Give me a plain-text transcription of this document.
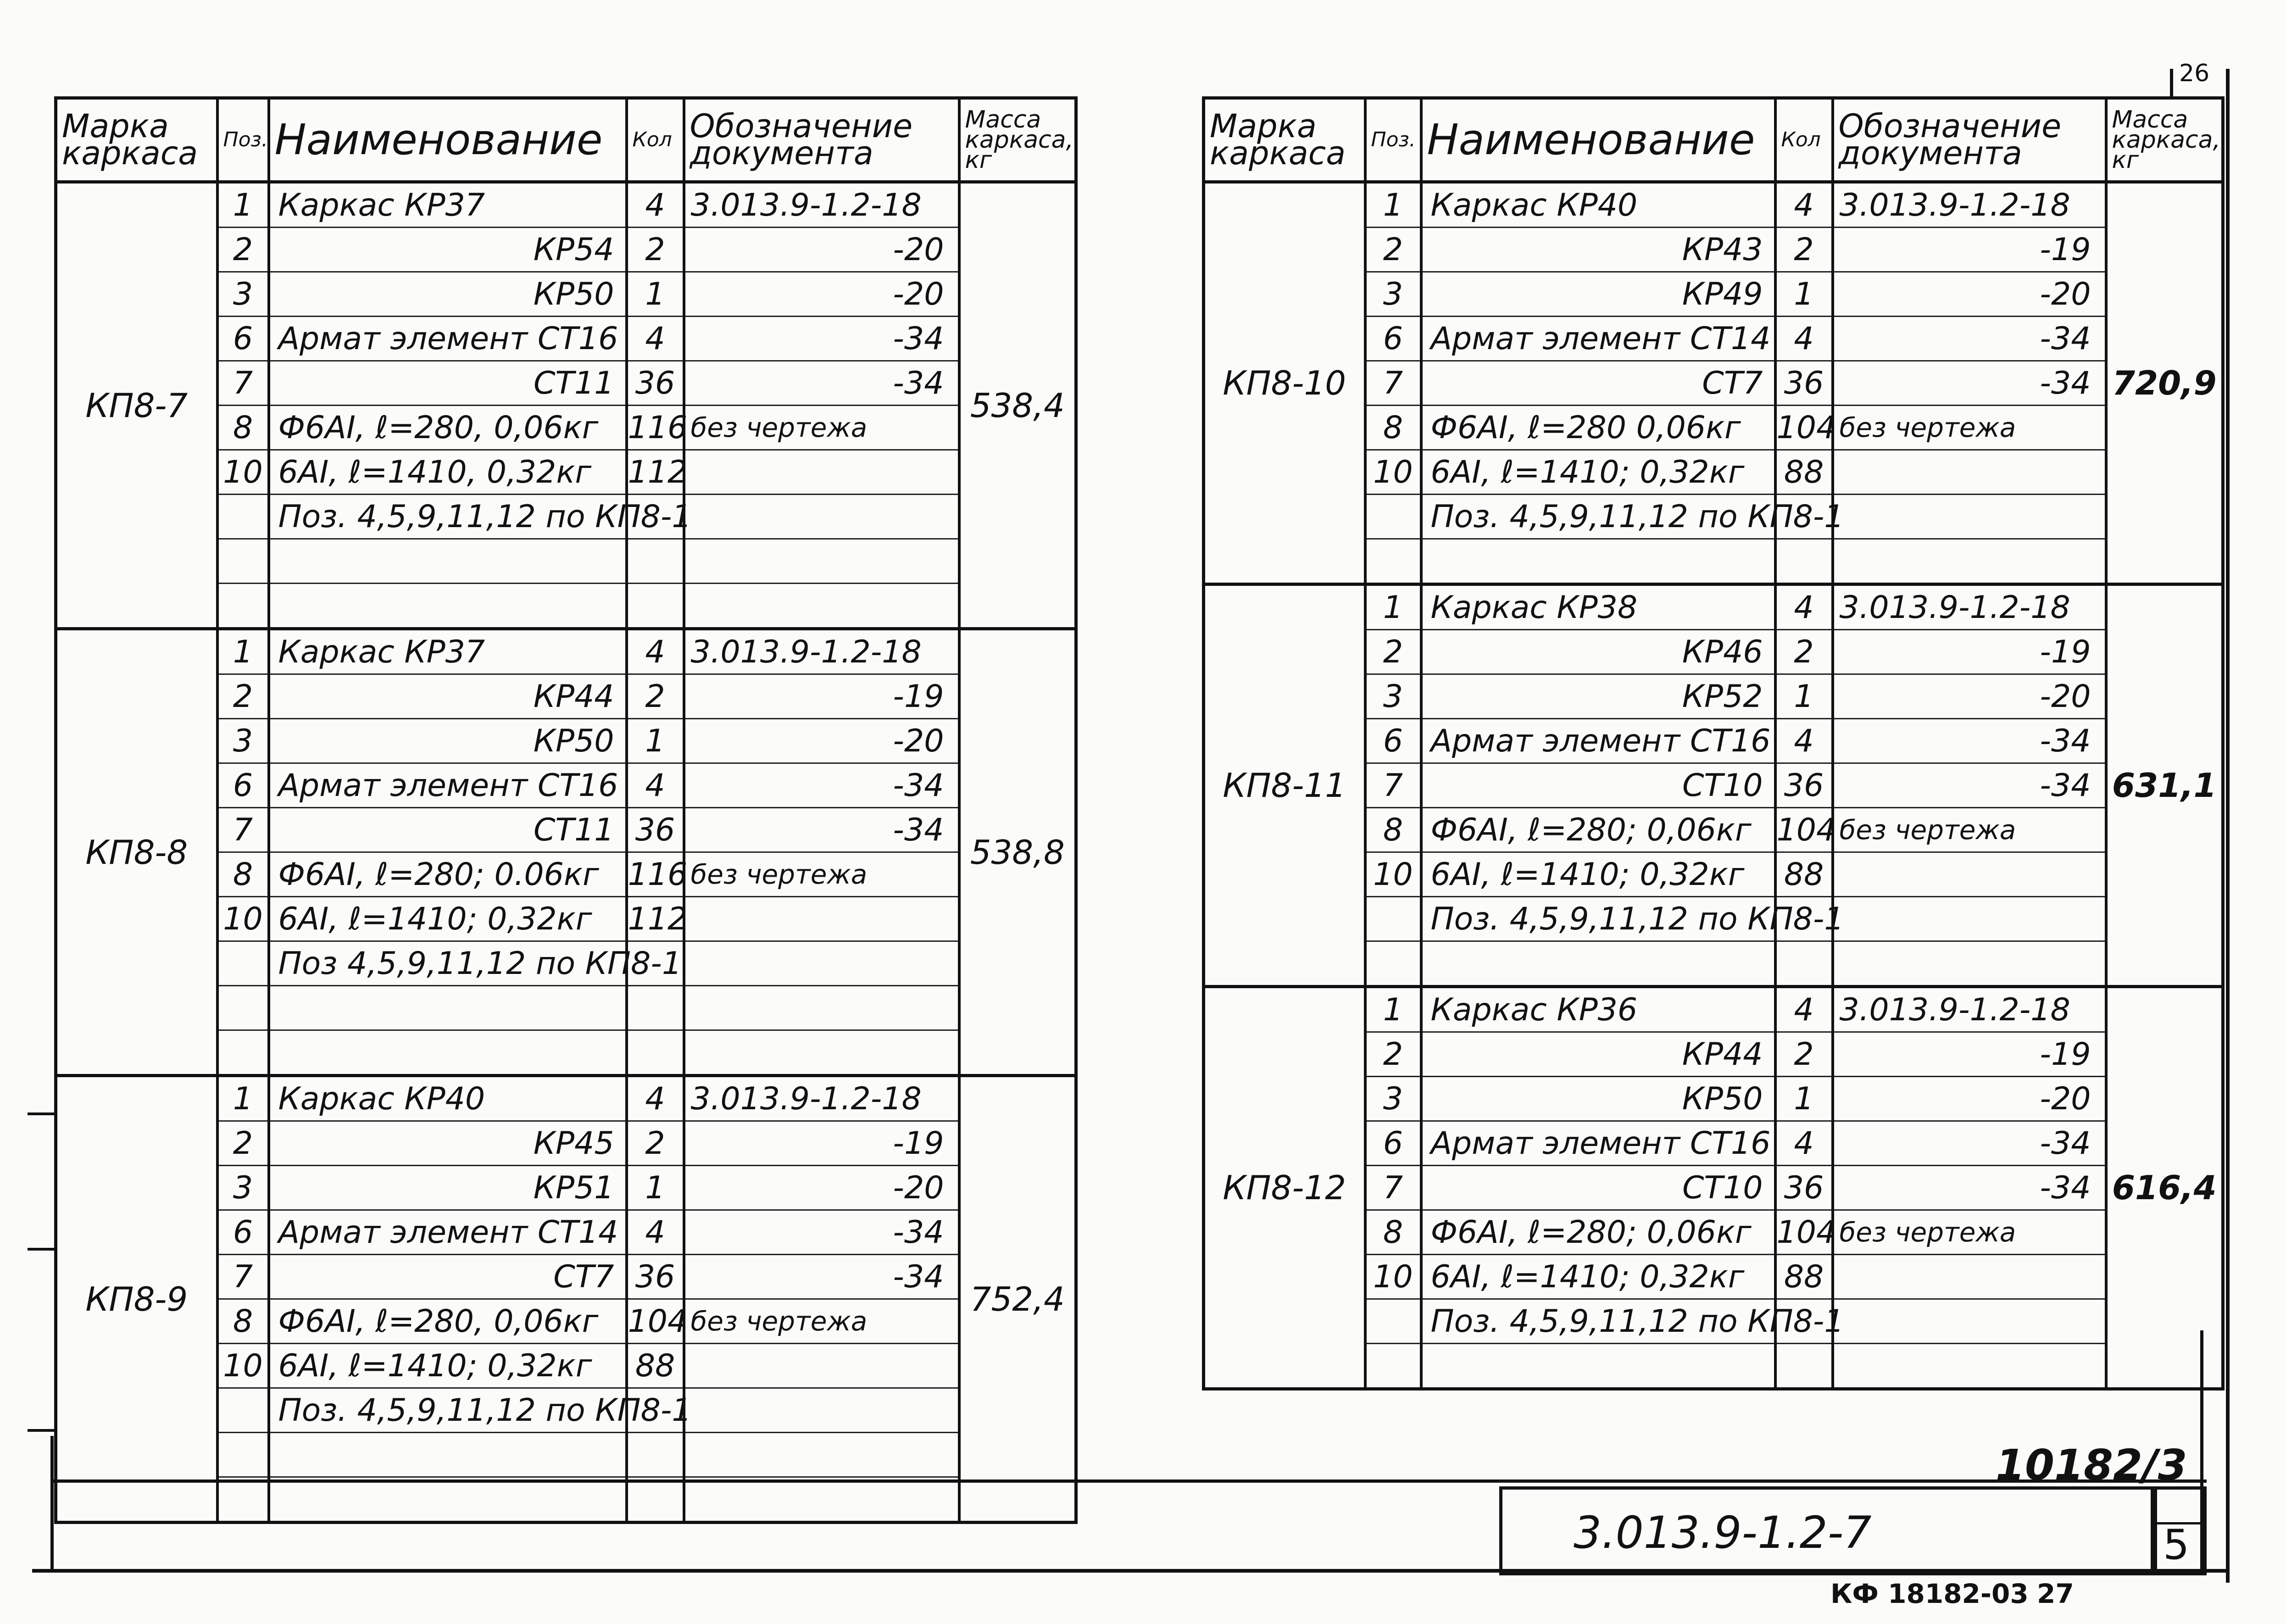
Марка каркаса	Поз.	Наименование	Кол	Обозначение документа	Масса каркаса, кг
КП8-7	1	Каркас КР37	4	3.013.9-1.2-18	538,4
	2	КР54	2	-20	
	3	КР50	1	-20	
	6	Армат элемент СТ16	4	-34	
	7	СТ11	36	-34	
	8	Ф6АI, ℓ=280, 0,06кг	116	без чертежа	
	10	6АI, ℓ=1410, 0,32кг	112		
		Поз. 4,5,9,11,12 по КП8-1			

КП8-8	1	Каркас КР37	4	3.013.9-1.2-18	538,8
	2	КР44	2	-19	
	3	КР50	1	-20	
	6	Армат элемент СТ16	4	-34	
	7	СТ11	36	-34	
	8	Ф6АI, ℓ=280; 0.06кг	116	без чертежа	
	10	6АI, ℓ=1410; 0,32кг	112		
		Поз 4,5,9,11,12 по КП8-1			

КП8-9	1	Каркас КР40	4	3.013.9-1.2-18	752,4
	2	КР45	2	-19	
	3	КР51	1	-20	
	6	Армат элемент СТ14	4	-34	
	7	СТ7	36	-34	
	8	Ф6АI, ℓ=280, 0,06кг	104	без чертежа	
	10	6АI, ℓ=1410; 0,32кг	88		
		Поз. 4,5,9,11,12 по КП8-1			

Марка каркаса	Поз.	Наименование	Кол	Обозначение документа	Масса каркаса, кг
КП8-10	1	Каркас КР40	4	3.013.9-1.2-18	720,9
	2	КР43	2	-19	
	3	КР49	1	-20	
	6	Армат элемент СТ14	4	-34	
	7	СТ7	36	-34	
	8	Ф6АI, ℓ=280 0,06кг	104	без чертежа	
	10	6АI, ℓ=1410; 0,32кг	88		
		Поз. 4,5,9,11,12 по КП8-1			

КП8-11	1	Каркас КР38	4	3.013.9-1.2-18	631,1
	2	КР46	2	-19	
	3	КР52	1	-20	
	6	Армат элемент СТ16	4	-34	
	7	СТ10	36	-34	
	8	Ф6АI, ℓ=280; 0,06кг	104	без чертежа	
	10	6АI, ℓ=1410; 0,32кг	88		
		Поз. 4,5,9,11,12 по КП8-1			

КП8-12	1	Каркас КР36	4	3.013.9-1.2-18	616,4
	2	КР44	2	-19	
	3	КР50	1	-20	
	6	Армат элемент СТ16	4	-34	
	7	СТ10	36	-34	
	8	Ф6АI, ℓ=280; 0,06кг	104	без чертежа	
	10	6АI, ℓ=1410; 0,32кг	88		
		Поз. 4,5,9,11,12 по КП8-1			

10182/3
3.013.9-1.2-7	5
26
КФ 18182-03 27
